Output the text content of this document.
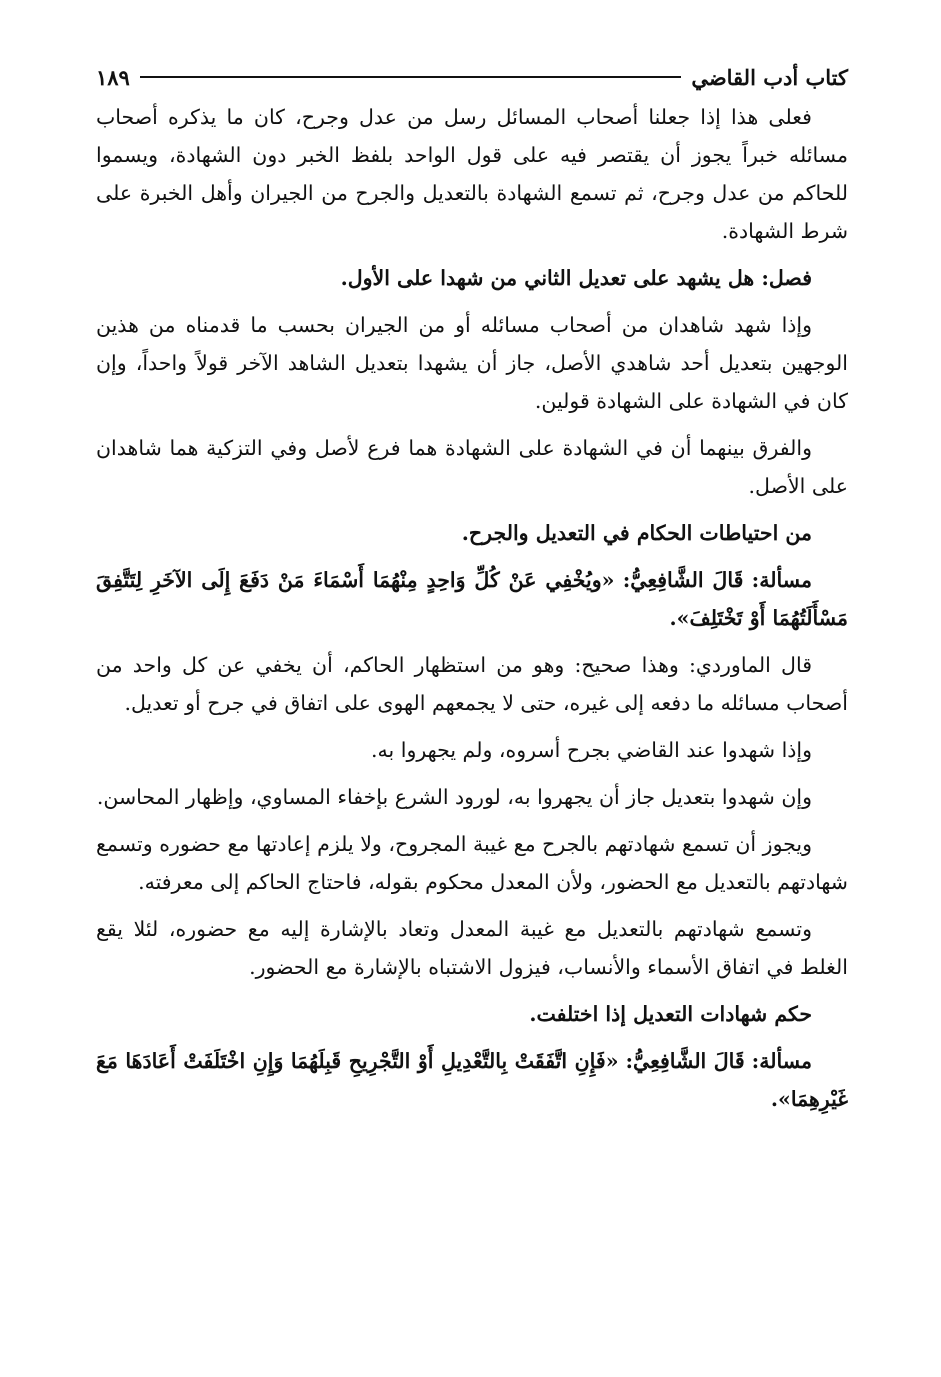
كتاب أدب القاضي
١٨٩

فعلى هذا إذا جعلنا أصحاب المسائل رسل من عدل وجرح، كان ما يذكره أصحاب مسائله خبراً يجوز أن يقتصر فيه على قول الواحد بلفظ الخبر دون الشهادة، ويسموا للحاكم من عدل وجرح، ثم تسمع الشهادة بالتعديل والجرح من الجيران وأهل الخبرة على شرط الشهادة.

فصل: هل يشهد على تعديل الثاني من شهدا على الأول.

وإذا شهد شاهدان من أصحاب مسائله أو من الجيران بحسب ما قدمناه من هذين الوجهين بتعديل أحد شاهدي الأصل، جاز أن يشهدا بتعديل الشاهد الآخر قولاً واحداً، وإن كان في الشهادة على الشهادة قولين.

والفرق بينهما أن في الشهادة على الشهادة هما فرع لأصل وفي التزكية هما شاهدان على الأصل.

من احتياطات الحكام في التعديل والجرح.

مسألة: قَالَ الشَّافِعِيُّ: «ويُخْفِي عَنْ كُلِّ وَاحِدٍ مِنْهُمَا أَسْمَاءَ مَنْ دَفَعَ إِلَى الآخَرِ لِتَتَّفِقَ مَسْأَلَتُهُمَا أَوْ تَخْتَلِفَ».

قال الماوردي: وهذا صحيح: وهو من استظهار الحاكم، أن يخفي عن كل واحد من أصحاب مسائله ما دفعه إلى غيره، حتى لا يجمعهم الهوى على اتفاق في جرح أو تعديل.

وإذا شهدوا عند القاضي بجرح أسروه، ولم يجهروا به.

وإن شهدوا بتعديل جاز أن يجهروا به، لورود الشرع بإخفاء المساوي، وإظهار المحاسن.

ويجوز أن تسمع شهادتهم بالجرح مع غيبة المجروح، ولا يلزم إعادتها مع حضوره وتسمع شهادتهم بالتعديل مع الحضور، ولأن المعدل محكوم بقوله، فاحتاج الحاكم إلى معرفته.

وتسمع شهادتهم بالتعديل مع غيبة المعدل وتعاد بالإشارة إليه مع حضوره، لئلا يقع الغلط في اتفاق الأسماء والأنساب، فيزول الاشتباه بالإشارة مع الحضور.

حكم شهادات التعديل إذا اختلفت.

مسألة: قَالَ الشَّافِعِيُّ: «فَإِنِ اتَّفَقَتْ بِالتَّعْدِيلِ أَوْ التَّجْرِيحِ قَبِلَهُمَا وَإِنِ اخْتَلَفَتْ أَعَادَهَا مَعَ غَيْرِهِمَا».
